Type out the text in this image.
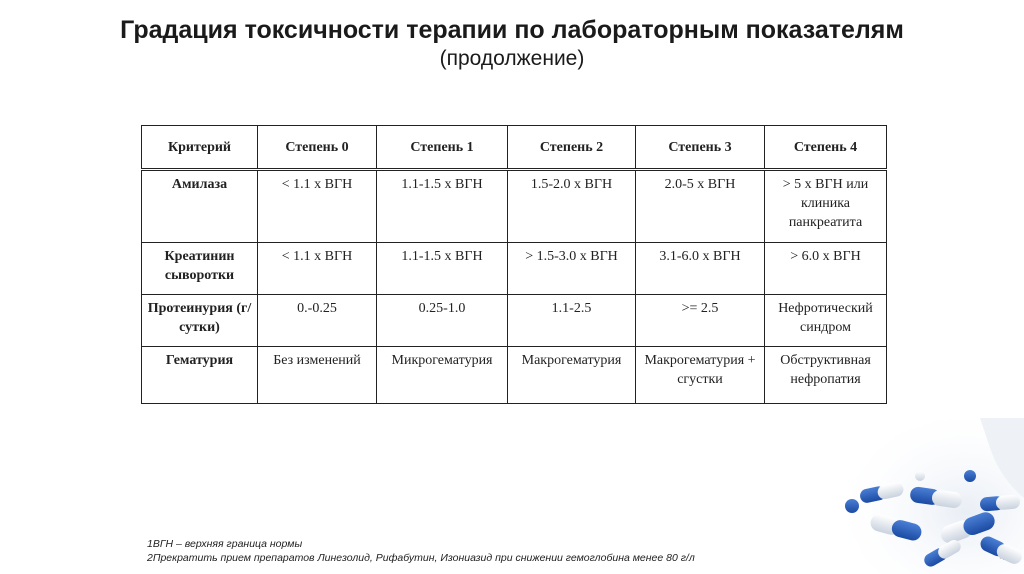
Градация токсичности терапии по лабораторным показателям
(продолжение)
Критерий	Степень 0	Степень 1	Степень 2	Степень 3	Степень 4
Амилаза	< 1.1 х ВГН	1.1-1.5 х ВГН	1.5-2.0 х ВГН	2.0-5 х ВГН	> 5 х ВГН или клиника панкреатита
Креатинин сыворотки	< 1.1 х ВГН	1.1-1.5 х ВГН	> 1.5-3.0 х ВГН	3.1-6.0 х ВГН	> 6.0 х ВГН
Протеинурия (г/сутки)	0.-0.25	0.25-1.0	1.1-2.5	>= 2.5	Нефротический синдром
Гематурия	Без изменений	Микрогематурия	Макрогематурия	Макрогематурия + сгустки	Обструктивная нефропатия
1ВГН – верхняя граница нормы
2Прекратить прием препаратов Линезолид, Рифабутин, Изониазид при снижении гемоглобина менее 80 г/л
